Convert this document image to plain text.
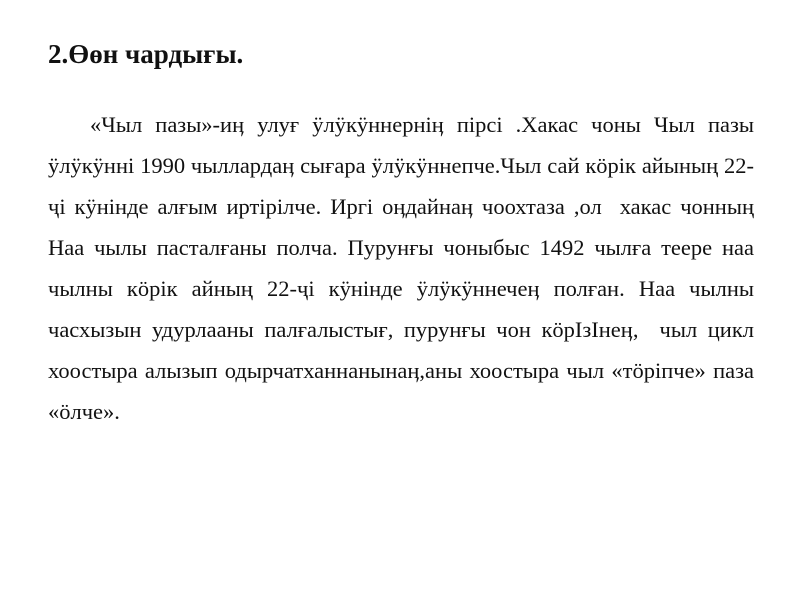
2.Өөн чардығы.

«Чыл пазы»-иӊ улуғ ӱлӱкӱннернiӊ пiрсi .Хакас чоны Чыл пазы ӱлӱкӱннi 1990 чыллардаӊ сығара ӱлӱкӱннепче.Чыл сай кӧрiк айының 22-ҷi кӱнiнде алғым иртiрiлче. Иргi оӊдайнаӊ чоохтаза ,ол  хакас чонның Наа чылы пасталғаны полча. Пурунғы чоныбыс 1492 чылға теере наа чылны кӧрiк айның 22-ҷi кӱнiнде ӱлӱкӱннечеӊ полған. Наа чылны часхызын удурлааны палғалыстығ, пурунғы чон кӧрIзIнеӊ,  чыл цикл хоостыра алызып одырчатханнанынаӊ,аны хоостыра чыл «тӧрiпче» паза «ӧлче».
